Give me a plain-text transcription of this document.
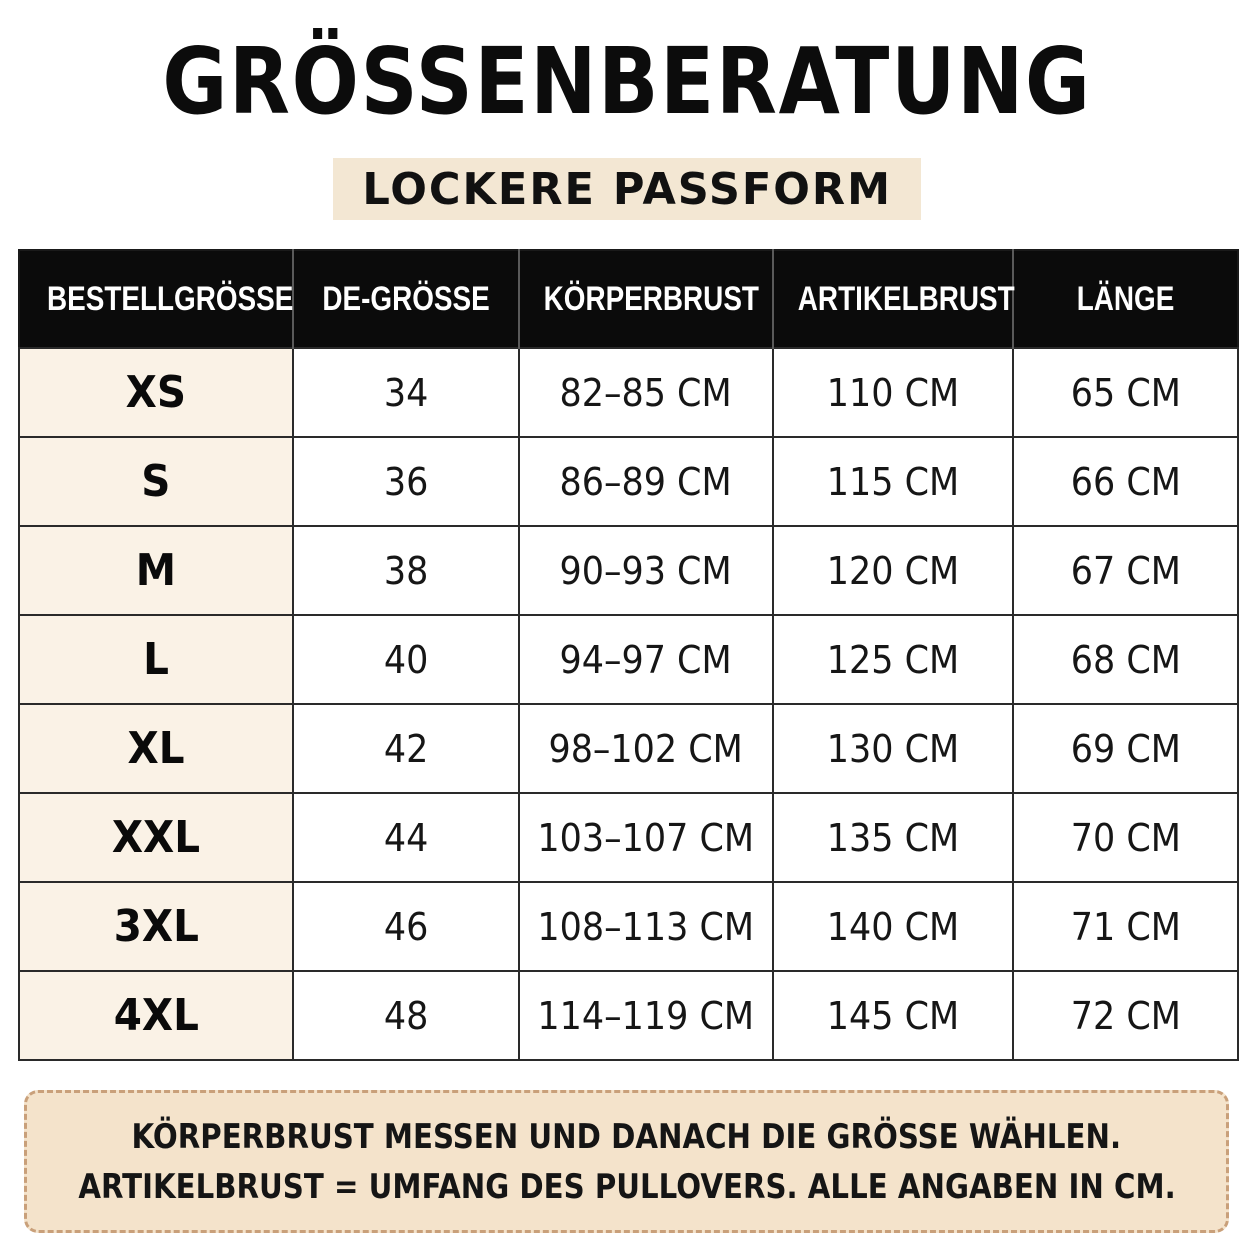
GRÖSSENBERATUNG
LOCKERE PASSFORM
BESTELLGRÖSSE	DE-GRÖSSE	KÖRPERBRUST	ARTIKELBRUST	LÄNGE
XS	34	82–85 CM	110 CM	65 CM
S	36	86–89 CM	115 CM	66 CM
M	38	90–93 CM	120 CM	67 CM
L	40	94–97 CM	125 CM	68 CM
XL	42	98–102 CM	130 CM	69 CM
XXL	44	103–107 CM	135 CM	70 CM
3XL	46	108–113 CM	140 CM	71 CM
4XL	48	114–119 CM	145 CM	72 CM
KÖRPERBRUST MESSEN UND DANACH DIE GRÖSSE WÄHLEN.
ARTIKELBRUST = UMFANG DES PULLOVERS. ALLE ANGABEN IN CM.
